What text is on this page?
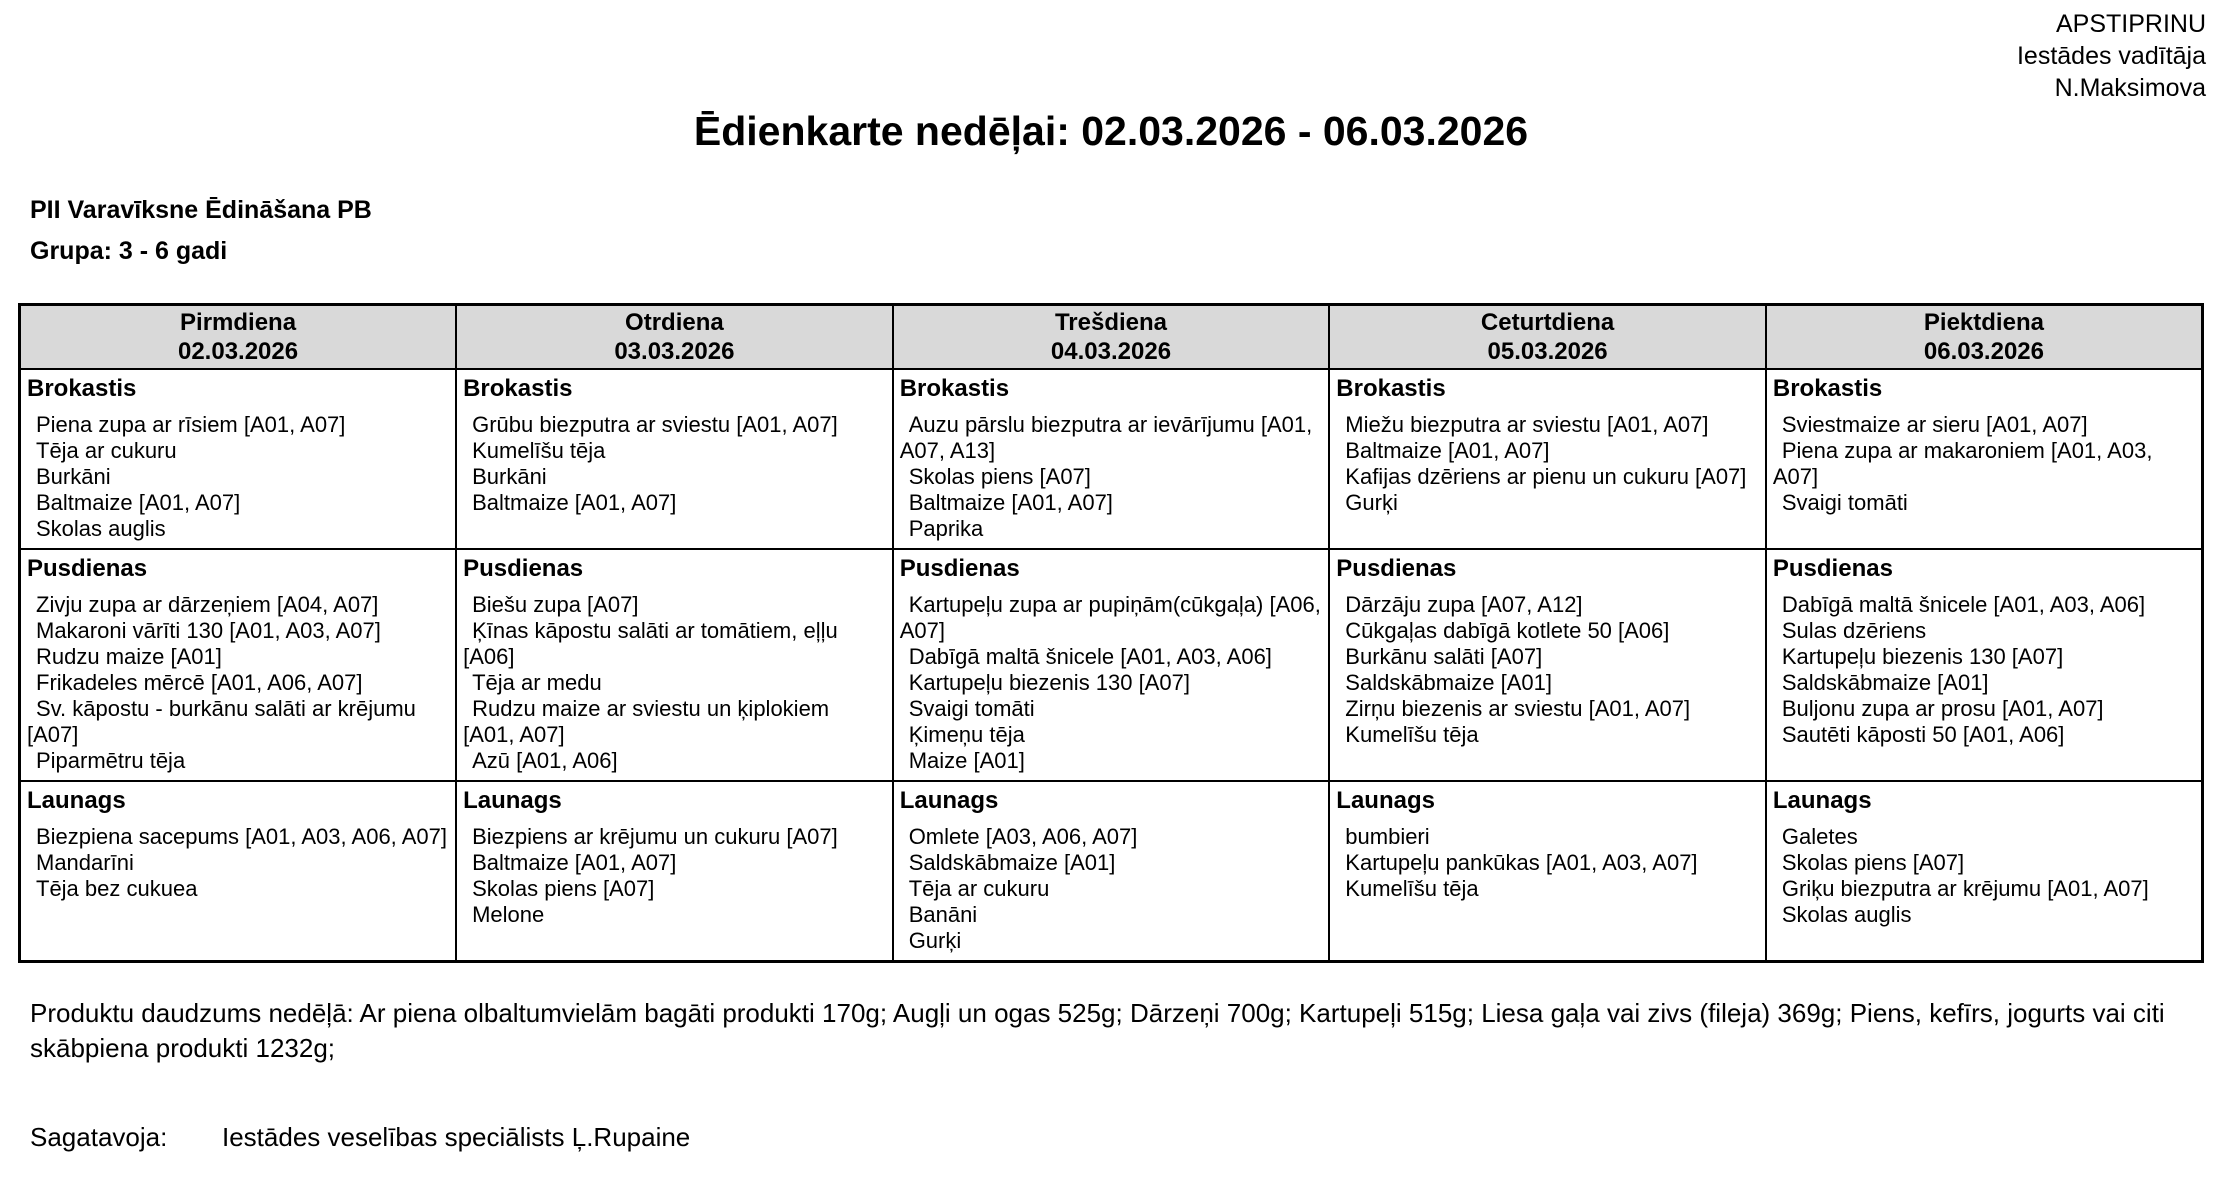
APSTIPRINU
Iestādes vadītāja
N.Maksimova
Ēdienkarte nedēļai: 02.03.2026 - 06.03.2026
PII Varavīksne Ēdināšana PB
Grupa: 3 - 6 gadi
Pirmdiena
02.03.2026

Otrdiena
03.03.2026

Trešdiena
04.03.2026

Ceturtdiena
05.03.2026

Piektdiena
06.03.2026

Brokastis
Piena zupa ar rīsiem [A01, A07]
Tēja ar cukuru
Burkāni
Baltmaize [A01, A07]
Skolas auglis

Brokastis
Grūbu biezputra ar sviestu [A01, A07]
Kumelīšu tēja
Burkāni
Baltmaize [A01, A07]

Brokastis
Auzu pārslu biezputra ar ievārījumu [A01, A07, A13]
Skolas piens [A07]
Baltmaize [A01, A07]
Paprika

Brokastis
Miežu biezputra ar sviestu [A01, A07]
Baltmaize [A01, A07]
Kafijas dzēriens ar pienu un cukuru [A07]
Gurķi

Brokastis
Sviestmaize ar sieru [A01, A07]
Piena zupa ar makaroniem [A01, A03, A07]
Svaigi tomāti

Pusdienas
Zivju zupa ar dārzeņiem [A04, A07]
Makaroni vārīti 130 [A01, A03, A07]
Rudzu maize [A01]
Frikadeles mērcē [A01, A06, A07]
Sv. kāpostu - burkānu salāti ar krējumu [A07]
Piparmētru tēja

Pusdienas
Biešu zupa [A07]
Ķīnas kāpostu salāti ar tomātiem, eļļu [A06]
Tēja ar medu
Rudzu maize ar sviestu un ķiplokiem [A01, A07]
Azū [A01, A06]

Pusdienas
Kartupeļu zupa ar pupiņām(cūkgaļa) [A06, A07]
Dabīgā maltā šnicele [A01, A03, A06]
Kartupeļu biezenis 130 [A07]
Svaigi tomāti
Ķimeņu tēja
Maize [A01]

Pusdienas
Dārzāju zupa [A07, A12]
Cūkgaļas dabīgā kotlete 50 [A06]
Burkānu salāti [A07]
Saldskābmaize [A01]
Zirņu biezenis ar sviestu [A01, A07]
Kumelīšu tēja

Pusdienas
Dabīgā maltā šnicele [A01, A03, A06]
Sulas dzēriens
Kartupeļu biezenis 130 [A07]
Saldskābmaize [A01]
Buljonu zupa ar prosu [A01, A07]
Sautēti kāposti 50 [A01, A06]

Launags
Biezpiena sacepums [A01, A03, A06, A07]
Mandarīni
Tēja bez cukuea

Launags
Biezpiens ar krējumu un cukuru [A07]
Baltmaize [A01, A07]
Skolas piens [A07]
Melone

Launags
Omlete [A03, A06, A07]
Saldskābmaize [A01]
Tēja ar cukuru
Banāni
Gurķi

Launags
bumbieri
Kartupeļu pankūkas [A01, A03, A07]
Kumelīšu tēja

Launags
Galetes
Skolas piens [A07]
Griķu biezputra ar krējumu [A01, A07]
Skolas auglis

Produktu daudzums nedēļā: Ar piena olbaltumvielām bagāti produkti 170g; Augļi un ogas 525g; Dārzeņi 700g; Kartupeļi 515g; Liesa gaļa vai zivs (fileja) 369g; Piens, kefīrs, jogurts vai citi skābpiena produkti 1232g;

Sagatavoja: Iestādes veselības speciālists Ļ.Rupaine
